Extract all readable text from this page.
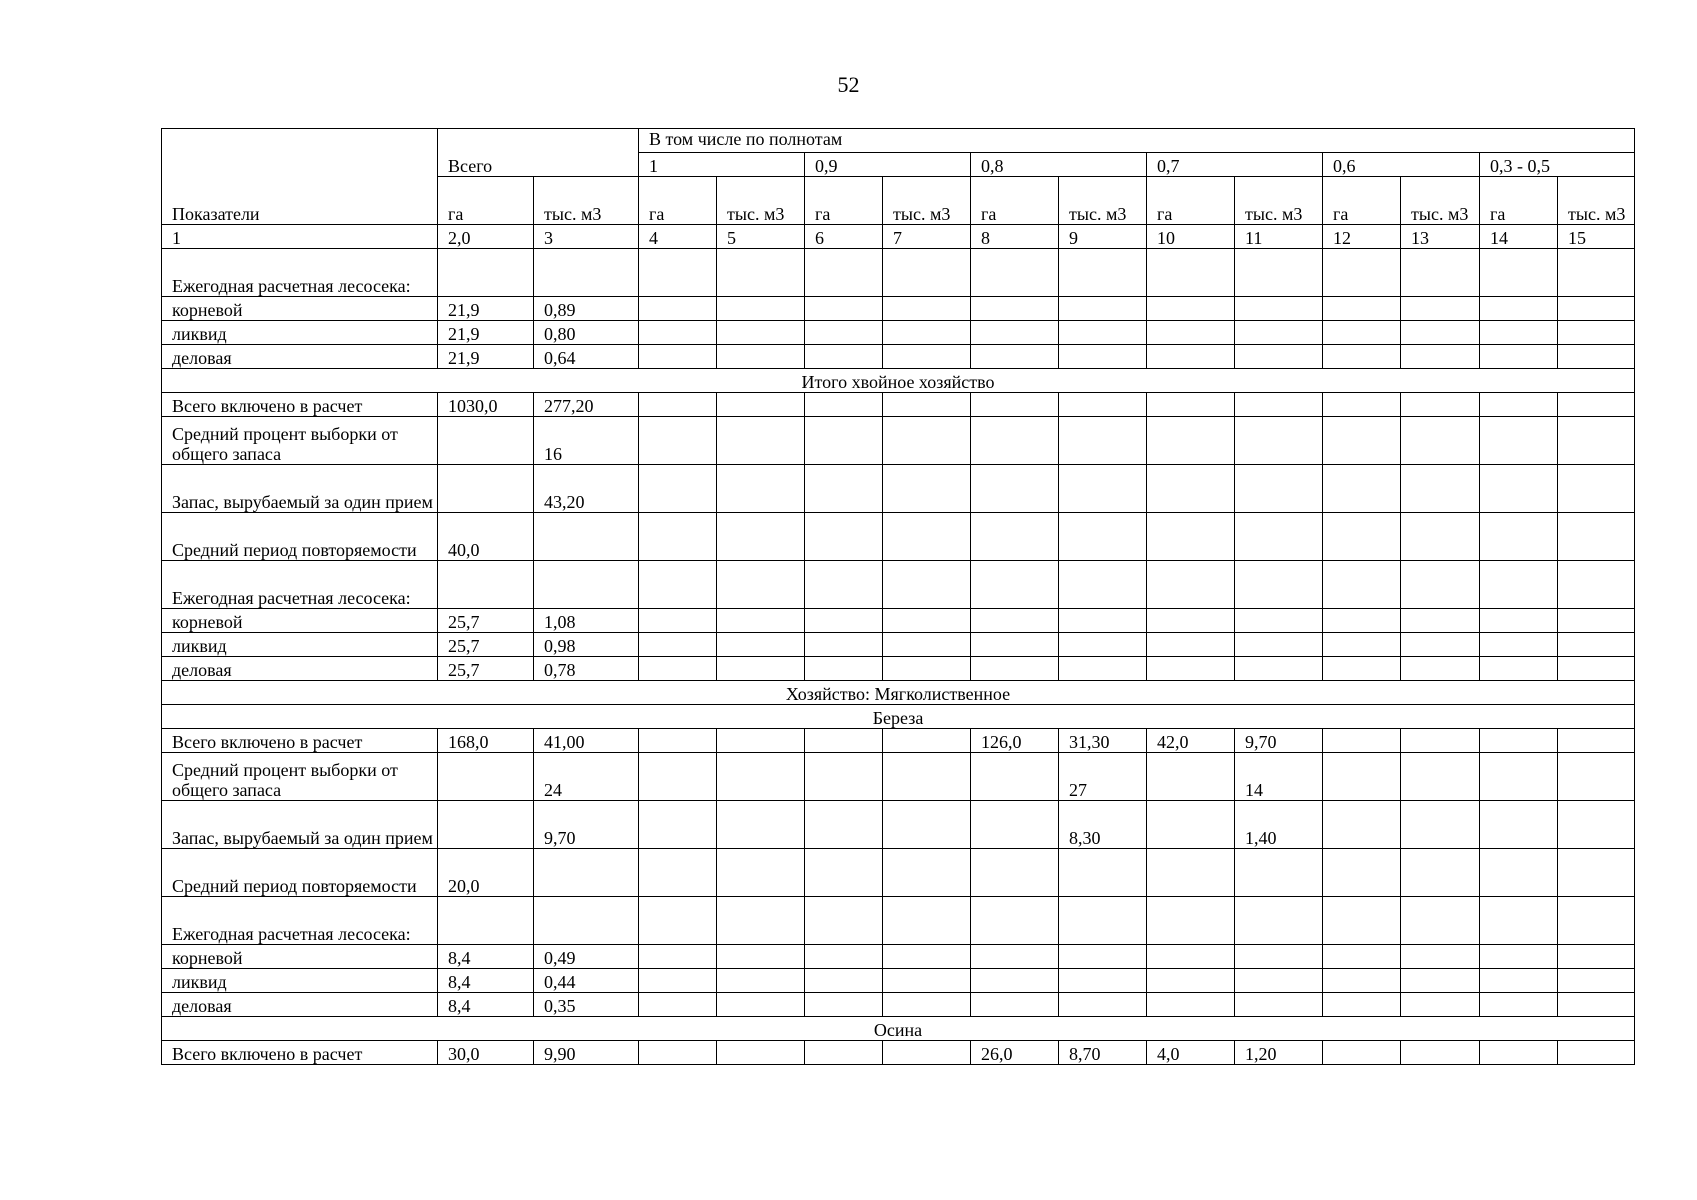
52
Показатели	Всего		В том числе по полнотам											
			1		0,9		0,8		0,7		0,6		0,3 - 0,5	
	га	тыс. м3	га	тыс. м3	га	тыс. м3	га	тыс. м3	га	тыс. м3	га	тыс. м3	га	тыс. м3
1	2,0	3	4	5	6	7	8	9	10	11	12	13	14	15
Ежегодная расчетная лесосека:														
корневой	21,9	0,89												
ликвид	21,9	0,80												
деловая	21,9	0,64												
Итого хвойное хозяйство														
Всего включено в расчет	1030,0	277,20												
Средний процент выборки от общего запаса		16												
Запас, вырубаемый за один прием		43,20												
Средний период повторяемости	40,0													
Ежегодная расчетная лесосека:														
корневой	25,7	1,08												
ликвид	25,7	0,98												
деловая	25,7	0,78												
Хозяйство: Мягколиственное														
Береза														
Всего включено в расчет	168,0	41,00					126,0	31,30	42,0	9,70				
Средний процент выборки от общего запаса		24						27		14				
Запас, вырубаемый за один прием		9,70						8,30		1,40				
Средний период повторяемости	20,0													
Ежегодная расчетная лесосека:														
корневой	8,4	0,49												
ликвид	8,4	0,44												
деловая	8,4	0,35												
Осина														
Всего включено в расчет	30,0	9,90					26,0	8,70	4,0	1,20				
